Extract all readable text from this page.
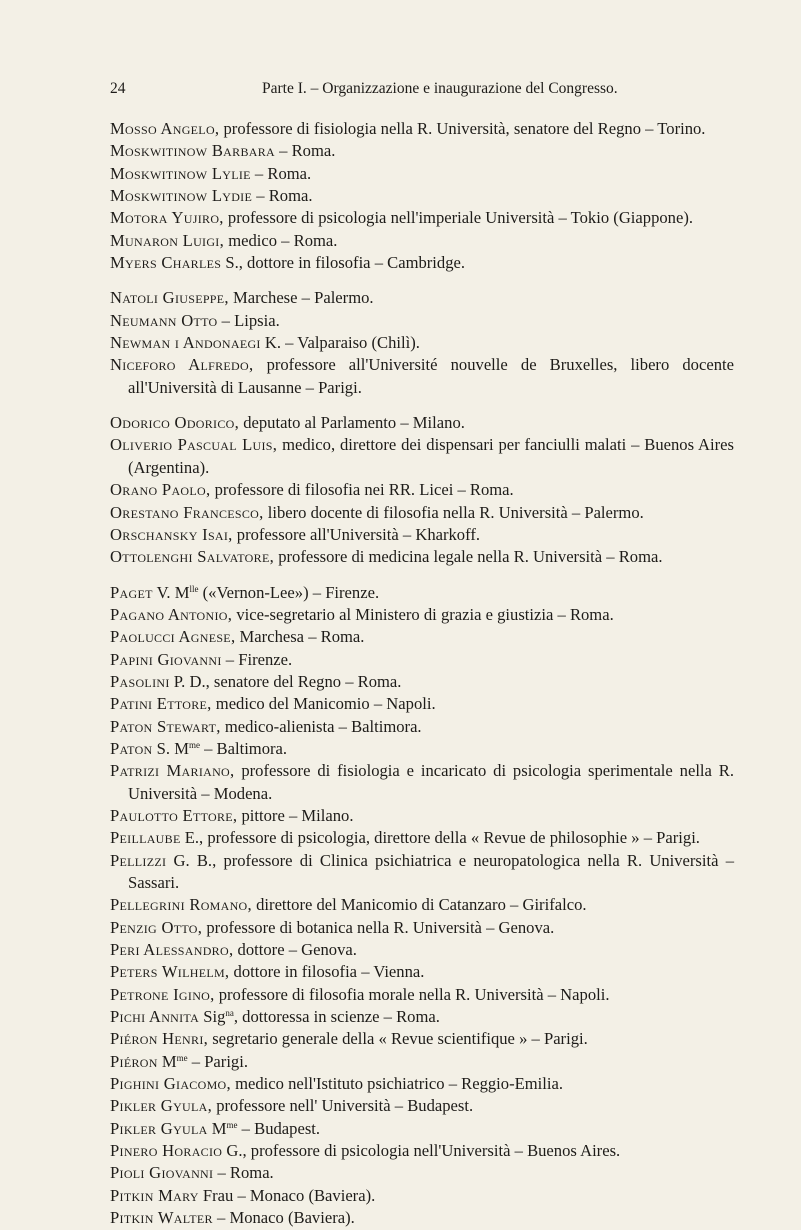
24	Parte I. – Organizzazione e inaugurazione del Congresso.
Mosso Angelo, professore di fisiologia nella R. Università, senatore del Regno – Torino.
Moskwitinow Barbara – Roma.
Moskwitinow Lylie – Roma.
Moskwitinow Lydie – Roma.
Motora Yujiro, professore di psicologia nell'imperiale Università – Tokio (Giappone).
Munaron Luigi, medico – Roma.
Myers Charles S., dottore in filosofia – Cambridge.
Natoli Giuseppe, Marchese – Palermo.
Neumann Otto – Lipsia.
Newman i Andonaegi K. – Valparaiso (Chilì).
Niceforo Alfredo, professore all'Université nouvelle de Bruxelles, libero docente all'Università di Lausanne – Parigi.
Odorico Odorico, deputato al Parlamento – Milano.
Oliverio Pascual Luis, medico, direttore dei dispensari per fanciulli malati – Buenos Aires (Argentina).
Orano Paolo, professore di filosofia nei RR. Licei – Roma.
Orestano Francesco, libero docente di filosofia nella R. Università – Palermo.
Orschansky Isai, professore all'Università – Kharkoff.
Ottolenghi Salvatore, professore di medicina legale nella R. Università – Roma.
Paget V. $M^{lle}$ («Vernon-Lee») – Firenze.
Pagano Antonio, vice-segretario al Ministero di grazia e giustizia – Roma.
Paolucci Agnese, Marchesa – Roma.
Papini Giovanni – Firenze.
Pasolini P. D., senatore del Regno – Roma.
Patini Ettore, medico del Manicomio – Napoli.
Paton Stewart, medico-alienista – Baltimora.
Paton S. $M^{me}$ – Baltimora.
Patrizi Mariano, professore di fisiologia e incaricato di psicologia sperimentale nella R. Università – Modena.
Paulotto Ettore, pittore – Milano.
Peillaube E., professore di psicologia, direttore della « Revue de philosophie » – Parigi.
Pellizzi G. B., professore di Clinica psichiatrica e neuropatologica nella R. Università – Sassari.
Pellegrini Romano, direttore del Manicomio di Catanzaro – Girifalco.
Penzig Otto, professore di botanica nella R. Università – Genova.
Peri Alessandro, dottore – Genova.
Peters Wilhelm, dottore in filosofia – Vienna.
Petrone Igino, professore di filosofia morale nella R. Università – Napoli.
Pichi Annita Sig$^{na}$, dottoressa in scienze – Roma.
Piéron Henri, segretario generale della « Revue scientifique » – Parigi.
Piéron $M^{me}$ – Parigi.
Pighini Giacomo, medico nell'Istituto psichiatrico – Reggio-Emilia.
Pikler Gyula, professore nell' Università – Budapest.
Pikler Gyula $M^{me}$ – Budapest.
Pinero Horacio G., professore di psicologia nell'Università – Buenos Aires.
Pioli Giovanni – Roma.
Pitkin Mary Frau – Monaco (Baviera).
Pitkin Walter – Monaco (Baviera).
